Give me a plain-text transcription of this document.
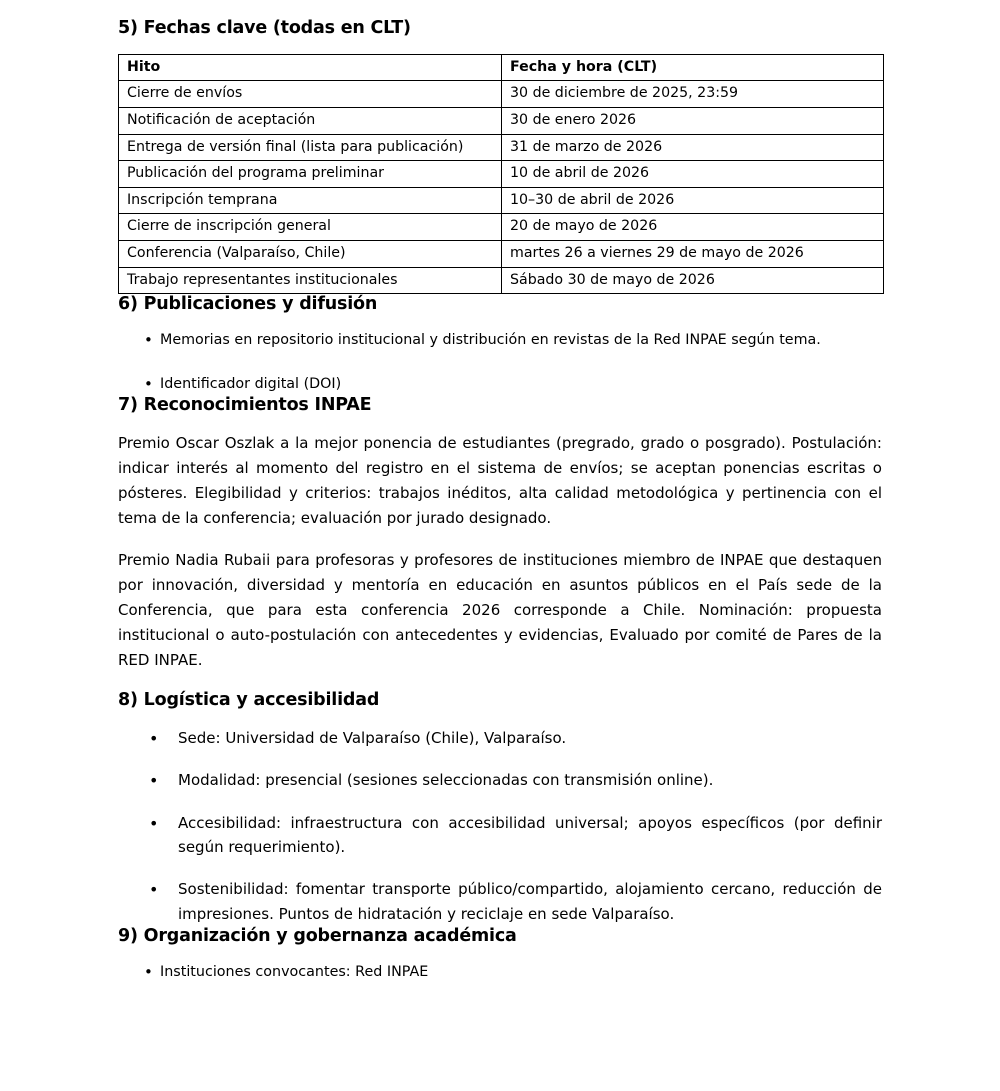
5) Fechas clave (todas en CLT)
Hito	Fecha y hora (CLT)
Cierre de envíos	30 de diciembre de 2025, 23:59
Notificación de aceptación	30 de enero 2026
Entrega de versión final (lista para publicación)	31 de marzo de 2026
Publicación del programa preliminar	10 de abril de 2026
Inscripción temprana	10–30 de abril de 2026
Cierre de inscripción general	20 de mayo de 2026
Conferencia (Valparaíso, Chile)	martes 26 a viernes 29 de mayo de 2026
Trabajo representantes institucionales	Sábado 30 de mayo de 2026
6) Publicaciones y difusión
• Memorias en repositorio institucional y distribución en revistas de la Red INPAE según tema.
• Identificador digital (DOI)
7) Reconocimientos INPAE

Premio Oscar Oszlak a la mejor ponencia de estudiantes (pregrado, grado o posgrado). Postulación: indicar interés al momento del registro en el sistema de envíos; se aceptan ponencias escritas o pósteres. Elegibilidad y criterios: trabajos inéditos, alta calidad metodológica y pertinencia con el tema de la conferencia; evaluación por jurado designado.

Premio Nadia Rubaii para profesoras y profesores de instituciones miembro de INPAE que destaquen por innovación, diversidad y mentoría en educación en asuntos públicos en el País sede de la Conferencia, que para esta conferencia 2026 corresponde a Chile. Nominación: propuesta institucional o auto-postulación con antecedentes y evidencias, Evaluado por comité de Pares de la RED INPAE.

8) Logística y accesibilidad
• Sede: Universidad de Valparaíso (Chile), Valparaíso.
• Modalidad: presencial (sesiones seleccionadas con transmisión online).
• Accesibilidad: infraestructura con accesibilidad universal; apoyos específicos (por definir según requerimiento).
• Sostenibilidad: fomentar transporte público/compartido, alojamiento cercano, reducción de impresiones. Puntos de hidratación y reciclaje en sede Valparaíso.
9) Organización y gobernanza académica
• Instituciones convocantes: Red INPAE
